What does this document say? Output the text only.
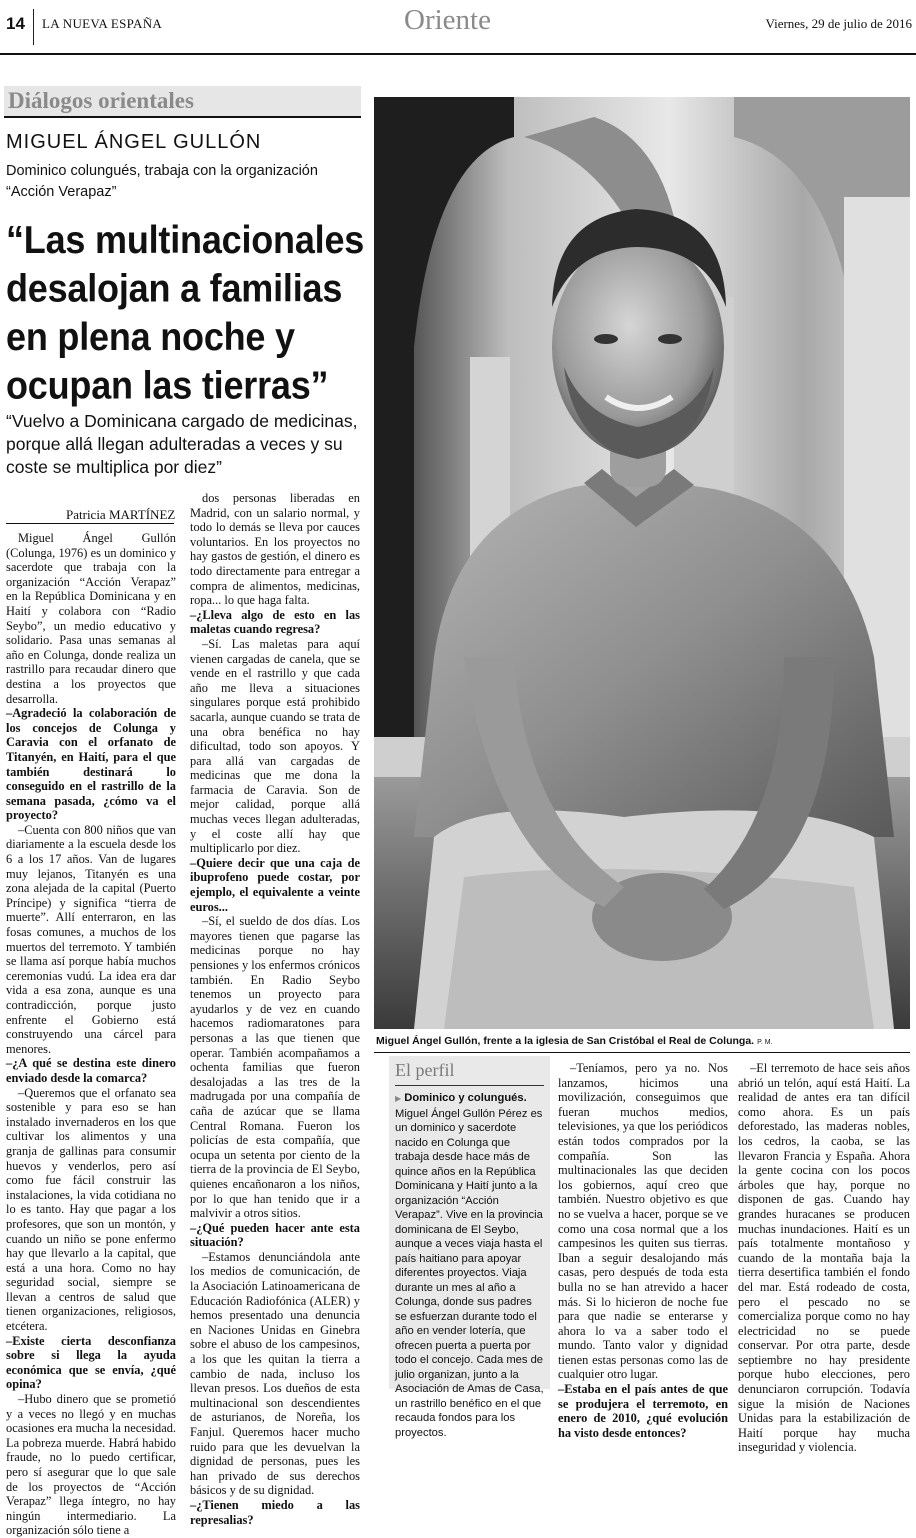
14 LA NUEVA ESPAÑA	Oriente	Viernes, 29 de julio de 2016
Diálogos orientales
MIGUEL ÁNGEL GULLÓN
Dominico colungués, trabaja con la organización “Acción Verapaz”
“Las multinacionales desalojan a familias en plena noche y ocupan las tierras”
“Vuelvo a Dominicana cargado de medicinas, porque allá llegan adulteradas a veces y su coste se multiplica por diez”
Patricia MARTÍNEZ

Miguel Ángel Gullón (Colunga, 1976) es un dominico y sacerdote que trabaja con la organización “Acción Verapaz” en la República Dominicana y en Haití y colabora con “Radio Seybo”, un medio educativo y solidario. Pasa unas semanas al año en Colunga, donde realiza un rastrillo para recaudar dinero que destina a los proyectos que desarrolla.

–Agradeció la colaboración de los concejos de Colunga y Caravia con el orfanato de Titanyén, en Haití, para el que también destinará lo conseguido en el rastrillo de la semana pasada, ¿cómo va el proyecto?

–Cuenta con 800 niños que van diariamente a la escuela desde los 6 a los 17 años. Van de lugares muy lejanos, Titanyén es una zona alejada de la capital (Puerto Príncipe) y significa “tierra de muerte”. Allí enterraron, en las fosas comunes, a muchos de los muertos del terremoto. Y también se llama así porque había muchos ceremonias vudú. La idea era dar vida a esa zona, aunque es una contradicción, porque justo enfrente el Gobierno está construyendo una cárcel para menores.

–¿A qué se destina este dinero enviado desde la comarca?

–Queremos que el orfanato sea sostenible y para eso se han instalado invernaderos en los que cultivar los alimentos y una granja de gallinas para consumir huevos y venderlos, pero así como fue fácil construir las instalaciones, la vida cotidiana no lo es tanto. Hay que pagar a los profesores, que son un montón, y cuando un niño se pone enfermo hay que llevarlo a la capital, que está a una hora. Como no hay seguridad social, siempre se llevan a centros de salud que tienen organizaciones, religiosos, etcétera.

–Existe cierta desconfianza sobre si llega la ayuda económica que se envía, ¿qué opina?

–Hubo dinero que se prometió y a veces no llegó y en muchas ocasiones era mucha la necesidad. La pobreza muerde. Habrá habido fraude, no lo puedo certificar, pero sí asegurar que lo que sale de los proyectos de “Acción Verapaz” llega íntegro, no hay ningún intermediario. La organización sólo tiene a

dos personas liberadas en Madrid, con un salario normal, y todo lo demás se lleva por cauces voluntarios. En los proyectos no hay gastos de gestión, el dinero es todo directamente para entregar a compra de alimentos, medicinas, ropa... lo que haga falta.

–¿Lleva algo de esto en las maletas cuando regresa?

–Sí. Las maletas para aquí vienen cargadas de canela, que se vende en el rastrillo y que cada año me lleva a situaciones singulares porque está prohibido sacarla, aunque cuando se trata de una obra benéfica no hay dificultad, todo son apoyos. Y para allá van cargadas de medicinas que me dona la farmacia de Caravia. Son de mejor calidad, porque allá muchas veces llegan adulteradas, y el coste allí hay que multiplicarlo por diez.

–Quiere decir que una caja de ibuprofeno puede costar, por ejemplo, el equivalente a veinte euros...

–Sí, el sueldo de dos días. Los mayores tienen que pagarse las medicinas porque no hay pensiones y los enfermos crónicos también. En Radio Seybo tenemos un proyecto para ayudarlos y de vez en cuando hacemos radiomaratones para personas a las que tienen que operar. También acompañamos a ochenta familias que fueron desalojadas a las tres de la madrugada por una compañía de caña de azúcar que se llama Central Romana. Fueron los policías de esta compañía, que ocupa un setenta por ciento de la tierra de la provincia de El Seybo, quienes encañonaron a los niños, por lo que han tenido que ir a malvivir a otros sitios.

–¿Qué pueden hacer ante esta situación?

–Estamos denunciándola ante los medios de comunicación, de la Asociación Latinoamericana de Educación Radiofónica (ALER) y hemos presentado una denuncia en Naciones Unidas en Ginebra sobre el abuso de los campesinos, a los que les quitan la tierra a cambio de nada, incluso los llevan presos. Los dueños de esta multinacional son descendientes de asturianos, de Noreña, los Fanjul. Queremos hacer mucho ruido para que les devuelvan la dignidad de personas, pues les han privado de sus derechos básicos y de su dignidad.

–¿Tienen miedo a las represalias?

Miguel Ángel Gullón, frente a la iglesia de San Cristóbal el Real de Colunga. P. M.
El perfil
▶ Dominico y colungués. Miguel Ángel Gullón Pérez es un dominico y sacerdote nacido en Colunga que trabaja desde hace más de quince años en la República Dominicana y Haití junto a la organización “Acción Verapaz”. Vive en la provincia dominicana de El Seybo, aunque a veces viaja hasta el país haitiano para apoyar diferentes proyectos. Viaja durante un mes al año a Colunga, donde sus padres se esfuerzan durante todo el año en vender lotería, que ofrecen puerta a puerta por todo el concejo. Cada mes de julio organizan, junto a la Asociación de Amas de Casa, un rastrillo benéfico en el que recauda fondos para los proyectos.

–Teníamos, pero ya no. Nos lanzamos, hicimos una movilización, conseguimos que fueran muchos medios, televisiones, ya que los periódicos están todos comprados por la compañía. Son las multinacionales las que deciden los gobiernos, aquí creo que también. Nuestro objetivo es que no se vuelva a hacer, porque se ve como una cosa normal que a los campesinos les quiten sus tierras. Iban a seguir desalojando más casas, pero después de toda esta bulla no se han atrevido a hacer más. Si lo hicieron de noche fue para que nadie se enterarse y ahora lo va a saber todo el mundo. Tanto valor y dignidad tienen estas personas como las de cualquier otro lugar.

–Estaba en el país antes de que se produjera el terremoto, en enero de 2010, ¿qué evolución ha visto desde entonces?

–El terremoto de hace seis años abrió un telón, aquí está Haití. La realidad de antes era tan difícil como ahora. Es un país deforestado, las maderas nobles, los cedros, la caoba, se las llevaron Francia y España. Ahora la gente cocina con los pocos árboles que hay, porque no disponen de gas. Cuando hay grandes huracanes se producen muchas inundaciones. Haití es un país totalmente montañoso y cuando de la montaña baja la tierra desertifica también el fondo del mar. Está rodeado de costa, pero el pescado no se comercializa porque como no hay electricidad no se puede conservar. Por otra parte, desde septiembre no hay presidente porque hubo elecciones, pero denunciaron corrupción. Todavía sigue la misión de Naciones Unidas para la estabilización de Haití porque hay mucha inseguridad y violencia.
